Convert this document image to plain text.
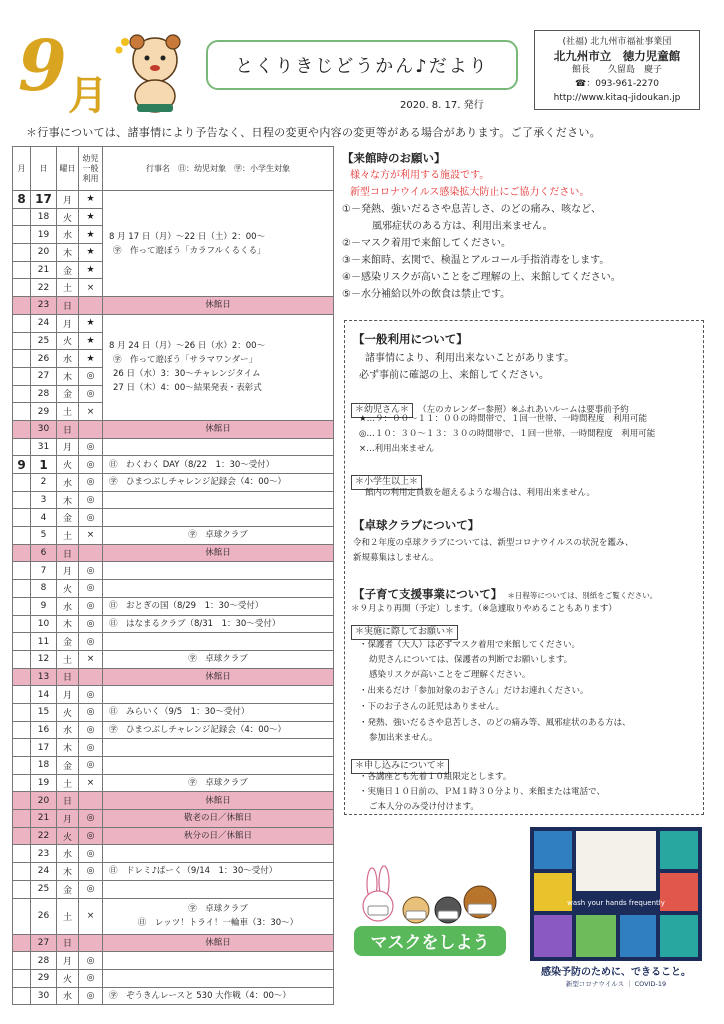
9 月
とくりきじどうかん♪だより
2020. 8. 17. 発行
(社福) 北九州市福祉事業団
北九州市立　徳力児童館
館長　　久留島　慶子
☎：093-961-2270
http://www.kitaq-jidoukan.jp
＊行事については、諸事情により予告なく、日程の変更や内容の変更等がある場合があります。ご了承ください。
月	日	曜日	幼児一般利用	行事名　㊐：幼児対象　㊫：小学生対象
8	17	月	★	8 月 17 日（月）～22 日（土）2：00～
㊫　作って遊ぼう「カラフルくるくる」

	18	火	★	
	19	水	★	
	20	木	★	
	21	金	★	
	22	土	×	
	23	日		休館日
	24	月	★	8 月 24 日（月）～26 日（水）2：00～
㊫　作って遊ぼう「サラマワンダー」
26 日（水）3：30～チャレンジタイム
27 日（木）4：00～結果発表・表彰式

	25	火	★	
	26	水	★	
	27	木	◎	
	28	金	◎	
	29	土	×	
	30	日		休館日
	31	月	◎	
9	1	火	◎	㊐　わくわく DAY（8/22　1：30～受付）
	2	水	◎	㊫　ひまつぶしチャレンジ記録会（4：00～）
	3	木	◎	
	4	金	◎	
	5	土	×	㊫　卓球クラブ
	6	日		休館日
	7	月	◎	
	8	火	◎	
	9	水	◎	㊐　おとぎの国（8/29　1：30～受付）
	10	木	◎	㊐　はなまるクラブ（8/31　1：30～受付）
	11	金	◎	
	12	土	×	㊫　卓球クラブ
	13	日		休館日
	14	月	◎	
	15	火	◎	㊐　みらいく（9/5　1：30～受付）
	16	水	◎	㊫　ひまつぶしチャレンジ記録会（4：00～）
	17	木	◎	
	18	金	◎	
	19	土	×	㊫　卓球クラブ
	20	日		休館日
	21	月	◎	敬老の日／休館日
	22	火	◎	秋分の日／休館日
	23	水	◎	
	24	木	◎	㊐　ドレミ♪ぱーく（9/14　1：30～受付）
	25	金	◎	
	26	土	×	㊫　卓球クラブ
㊐　レッツ！トライ！一輪車（3：30～）

	27	日		休館日
	28	月	◎	
	29	火	◎	
	30	水	◎	㊫　ぞうきんレースと 530 大作戦（4：00～）
【来館時のお願い】
様々な方が利用する施設です。
新型コロナウイルス感染拡大防止にご協力ください。
①－発熱、強いだるさや息苦しさ、のどの痛み、咳など、
風邪症状のある方は、利用出来ません。
②－マスク着用で来館してください。
③－来館時、玄関で、検温とアルコール手指消毒をします。
④－感染リスクが高いことをご理解の上、来館してください。
⑤－水分補給以外の飲食は禁止です。
【一般利用について】
諸事情により、利用出来ないことがあります。
必ず事前に確認の上、来館してください。
＊幼児さん＊ （左のカレンダー参照）※ふれあいルームは要事前予約
★…９：００～１１：００の時間帯で、１回一世帯、一時間程度　利用可能
◎…１０：３０～１３：３０の時間帯で、１回一世帯、一時間程度　利用可能
×…利用出来ません
＊小学生以上＊
館内の利用定員数を超えるような場合は、利用出来ません。
【卓球クラブについて】
令和２年度の卓球クラブについては、新型コロナウイルスの状況を鑑み、
新規募集はしません。
【子育て支援事業について】 ＊日程等については、別紙をご覧ください。
＊９月より再開（予定）します。（※急遽取りやめることもあります）
＊実施に際してお願い＊
・保護者（大人）は必ずマスク着用で来館してください。
幼児さんについては、保護者の判断でお願いします。
感染リスクが高いことをご理解ください。
・出来るだけ「参加対象のお子さん」だけお連れください。
・下のお子さんの託児はありません。
・発熱、強いだるさや息苦しさ、のどの痛み等、風邪症状のある方は、
参加出来ません。
＊申し込みについて＊
・各講座とも先着１０組限定とします。
・実施日１０日前の、ＰＭ１時３０分より、来館または電話で、
ご本人分のみ受け付けます。
マスクをしよう
wash your hands frequently
感染予防のために、できること。
新型コロナウイルス ｜ COVID-19
